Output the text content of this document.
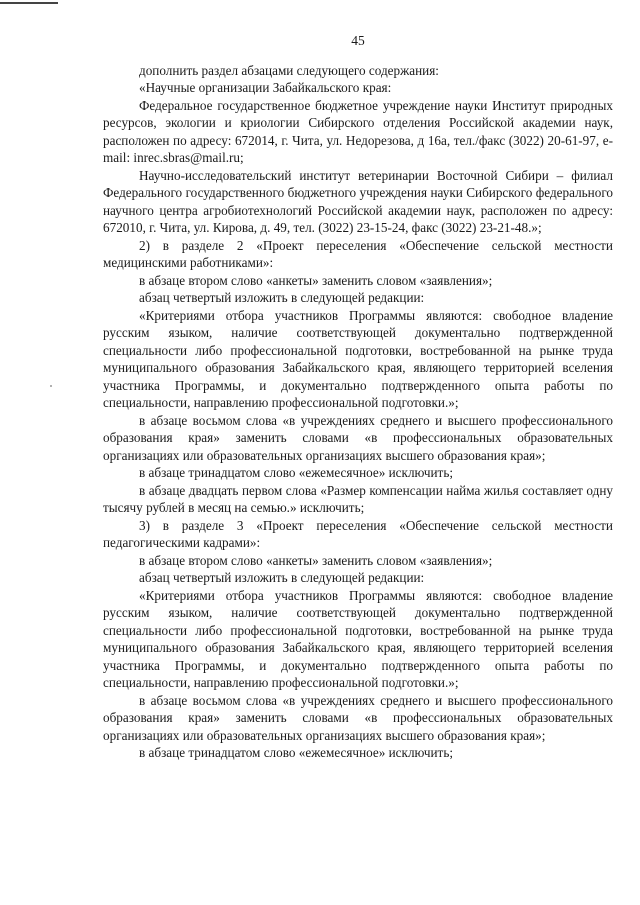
45

дополнить раздел абзацами следующего содержания:

«Научные организации Забайкальского края:

Федеральное государственное бюджетное учреждение науки Институт природных ресурсов, экологии и криологии Сибирского отделения Российской академии наук, расположен по адресу: 672014, г. Чита, ул. Недорезова, д 16а, тел./факс (3022) 20-61-97, e-mail: inrec.sbras@mail.ru;

Научно-исследовательский институт ветеринарии Восточной Сибири – филиал Федерального государственного бюджетного учреждения науки Сибирского федерального научного центра агробиотехнологий Российской академии наук, расположен по адресу: 672010, г. Чита, ул. Кирова, д. 49, тел. (3022) 23-15-24, факс (3022) 23-21-48.»;

2) в разделе 2 «Проект переселения «Обеспечение сельской местности медицинскими работниками»:

в абзаце втором слово «анкеты» заменить словом «заявления»;

абзац четвертый изложить в следующей редакции:

«Критериями отбора участников Программы являются: свободное владение русским языком, наличие соответствующей документально подтвержденной специальности либо профессиональной подготовки, востребованной на рынке труда муниципального образования Забайкальского края, являющего территорией вселения участника Программы, и документально подтвержденного опыта работы по специальности, направлению профессиональной подготовки.»;

в абзаце восьмом слова «в учреждениях среднего и высшего профессионального образования края» заменить словами «в профессиональных образовательных организациях или образовательных организациях высшего образования края»;

в абзаце тринадцатом слово «ежемесячное» исключить;

в абзаце двадцать первом слова «Размер компенсации найма жилья составляет одну тысячу рублей в месяц на семью.» исключить;

3) в разделе 3 «Проект переселения «Обеспечение сельской местности педагогическими кадрами»:

в абзаце втором слово «анкеты» заменить словом «заявления»;

абзац четвертый изложить в следующей редакции:

«Критериями отбора участников Программы являются: свободное владение русским языком, наличие соответствующей документально подтвержденной специальности либо профессиональной подготовки, востребованной на рынке труда муниципального образования Забайкальского края, являющего территорией вселения участника Программы, и документально подтвержденного опыта работы по специальности, направлению профессиональной подготовки.»;

в абзаце восьмом слова «в учреждениях среднего и высшего профессионального образования края» заменить словами «в профессиональных образовательных организациях или образовательных организациях высшего образования края»;

в абзаце тринадцатом слово «ежемесячное» исключить;
